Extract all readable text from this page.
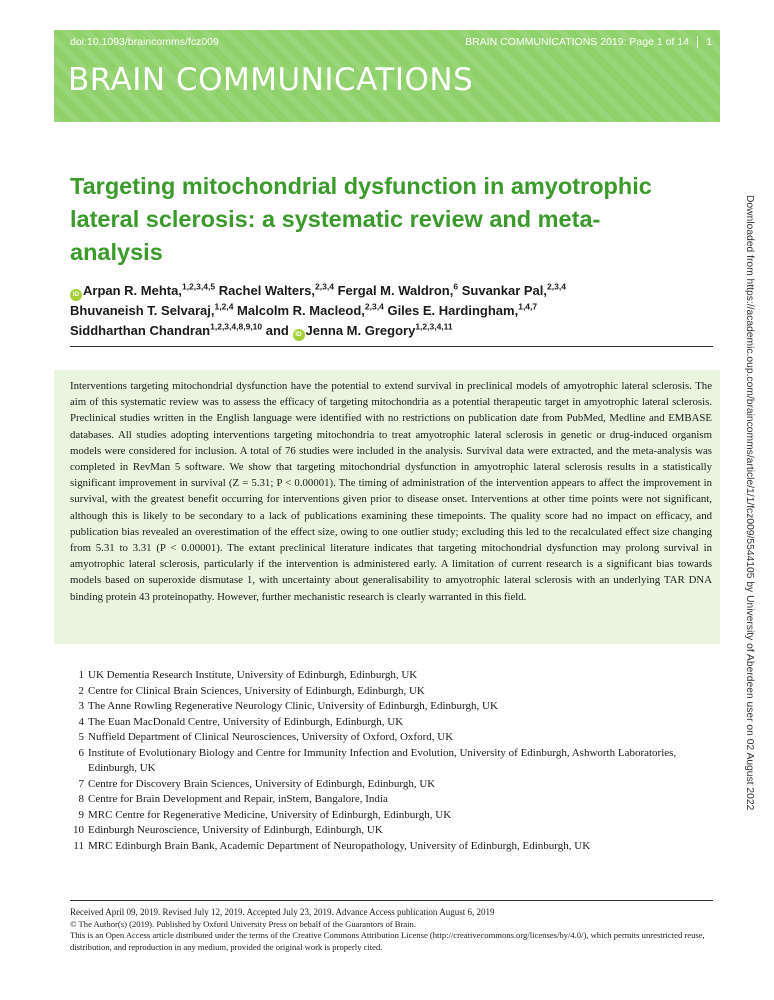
doi:10.1093/braincomms/fcz009	BRAIN COMMUNICATIONS 2019: Page 1 of 14 1
BRAIN COMMUNICATIONS
Targeting mitochondrial dysfunction in amyotrophic lateral sclerosis: a systematic review and meta-analysis
iD Arpan R. Mehta,$^{1,2,3,4,5}$ Rachel Walters,$^{2,3,4}$ Fergal M. Waldron,$^6$ Suvankar Pal,$^{2,3,4}$
Bhuvaneish T. Selvaraj,$^{1,2,4}$ Malcolm R. Macleod,$^{2,3,4}$ Giles E. Hardingham,$^{1,4,7}$
Siddharthan Chandran$^{1,2,3,4,8,9,10}$ and iD Jenna M. Gregory$^{1,2,3,4,11}$

Interventions targeting mitochondrial dysfunction have the potential to extend survival in preclinical models of amyotrophic lateral sclerosis. The aim of this systematic review was to assess the efficacy of targeting mitochondria as a potential therapeutic target in amyotrophic lateral sclerosis. Preclinical studies written in the English language were identified with no restrictions on publication date from PubMed, Medline and EMBASE databases. All studies adopting interventions targeting mitochondria to treat amyotrophic lateral sclerosis in genetic or drug-induced organism models were considered for inclusion. A total of 76 studies were included in the analysis. Survival data were extracted, and the meta-analysis was completed in RevMan 5 software. We show that targeting mitochondrial dysfunction in amyotrophic lateral sclerosis results in a statistically significant improvement in survival (Z = 5.31; P < 0.00001). The timing of administration of the intervention appears to affect the improvement in survival, with the greatest benefit occurring for interventions given prior to disease onset. Interventions at other time points were not significant, although this is likely to be secondary to a lack of publications examining these timepoints. The quality score had no impact on efficacy, and publication bias revealed an overestimation of the effect size, owing to one outlier study; excluding this led to the recalculated effect size changing from 5.31 to 3.31 (P < 0.00001). The extant preclinical literature indicates that targeting mitochondrial dysfunction may prolong survival in amyotrophic lateral sclerosis, particularly if the intervention is administered early. A limitation of current research is a significant bias towards models based on superoxide dismutase 1, with uncertainty about generalisability to amyotrophic lateral sclerosis with an underlying TAR DNA binding protein 43 proteinopathy. However, further mechanistic research is clearly warranted in this field.

1 UK Dementia Research Institute, University of Edinburgh, Edinburgh, UK
2 Centre for Clinical Brain Sciences, University of Edinburgh, Edinburgh, UK
3 The Anne Rowling Regenerative Neurology Clinic, University of Edinburgh, Edinburgh, UK
4 The Euan MacDonald Centre, University of Edinburgh, Edinburgh, UK
5 Nuffield Department of Clinical Neurosciences, University of Oxford, Oxford, UK
6 Institute of Evolutionary Biology and Centre for Immunity Infection and Evolution, University of Edinburgh, Ashworth Laboratories, Edinburgh, UK
7 Centre for Discovery Brain Sciences, University of Edinburgh, Edinburgh, UK
8 Centre for Brain Development and Repair, inStem, Bangalore, India
9 MRC Centre for Regenerative Medicine, University of Edinburgh, Edinburgh, UK
10 Edinburgh Neuroscience, University of Edinburgh, Edinburgh, UK
11 MRC Edinburgh Brain Bank, Academic Department of Neuropathology, University of Edinburgh, Edinburgh, UK
Received April 09, 2019. Revised July 12, 2019. Accepted July 23, 2019. Advance Access publication August 6, 2019
© The Author(s) (2019). Published by Oxford University Press on behalf of the Guarantors of Brain.
This is an Open Access article distributed under the terms of the Creative Commons Attribution License (http://creativecommons.org/licenses/by/4.0/), which permits unrestricted reuse, distribution, and reproduction in any medium, provided the original work is properly cited.
Downloaded from https://academic.oup.com/braincomms/article/1/1/fcz009/5544105 by University of Aberdeen user on 02 August 2022
